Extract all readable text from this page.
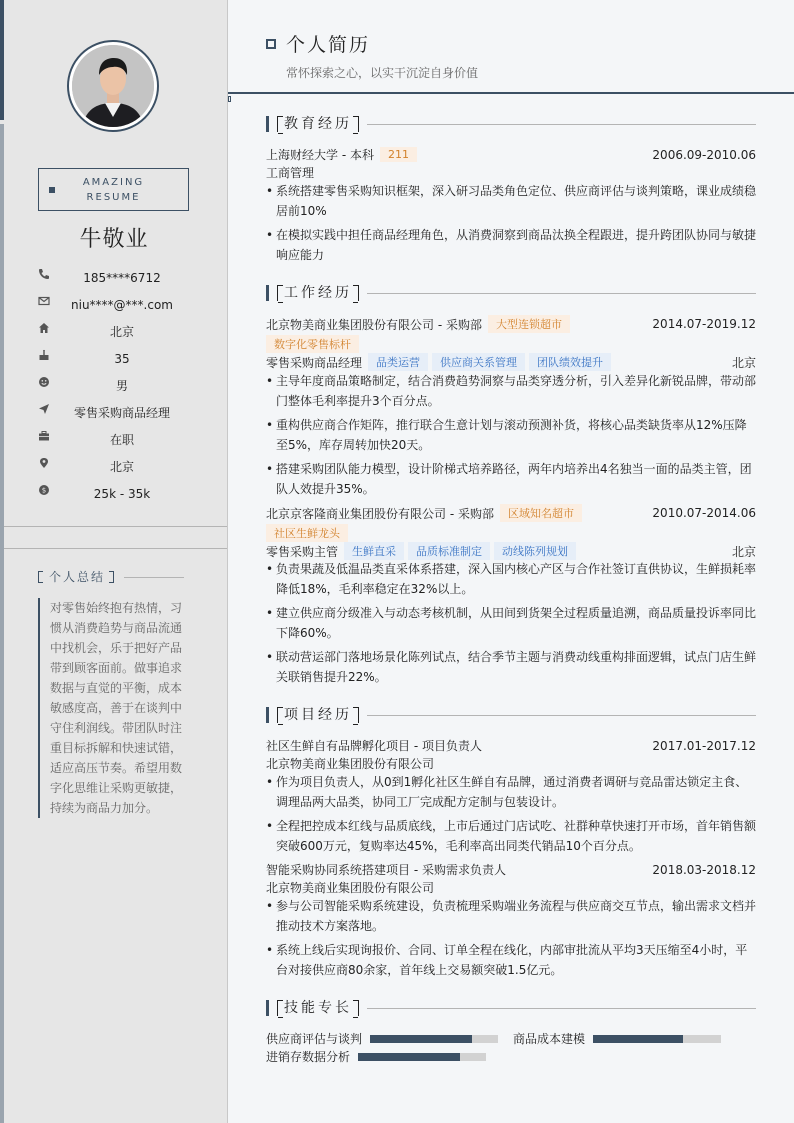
AMAZING
RESUME
牛敬业
185****6712
niu****@***.com
北京
35
男
零售采购商品经理
在职
北京
$	25k - 35k
个人总结
对零售始终抱有热情，习惯从消费趋势与商品流通中找机会，乐于把好产品带到顾客面前。做事追求数据与直觉的平衡，成本敏感度高，善于在谈判中守住利润线。带团队时注重目标拆解和快速试错，适应高压节奏。希望用数字化思维让采购更敏捷，持续为商品力加分。
个人简历
常怀探索之心，以实干沉淀自身价值
教育经历
上海财经大学 - 本科	211	2006.09-2010.06
工商管理
• 系统搭建零售采购知识框架，深入研习品类角色定位、供应商评估与谈判策略，课业成绩稳居前10%
• 在模拟实践中担任商品经理角色，从消费洞察到商品汰换全程跟进，提升跨团队协同与敏捷响应能力
工作经历
北京物美商业集团股份有限公司 - 采购部	大型连锁超市	2014.07-2019.12
数字化零售标杆
零售采购商品经理	品类运营	供应商关系管理	团队绩效提升	北京
• 主导年度商品策略制定，结合消费趋势洞察与品类穿透分析，引入差异化新锐品牌，带动部门整体毛利率提升3个百分点。
• 重构供应商合作矩阵，推行联合生意计划与滚动预测补货，将核心品类缺货率从12%压降至5%，库存周转加快20天。
• 搭建采购团队能力模型，设计阶梯式培养路径，两年内培养出4名独当一面的品类主管，团队人效提升35%。
北京京客隆商业集团股份有限公司 - 采购部	区域知名超市	2010.07-2014.06
社区生鲜龙头
零售采购主管	生鲜直采	品质标准制定	动线陈列规划	北京
• 负责果蔬及低温品类直采体系搭建，深入国内核心产区与合作社签订直供协议，生鲜损耗率降低18%，毛利率稳定在32%以上。
• 建立供应商分级准入与动态考核机制，从田间到货架全过程质量追溯，商品质量投诉率同比下降60%。
• 联动营运部门落地场景化陈列试点，结合季节主题与消费动线重构排面逻辑，试点门店生鲜关联销售提升22%。
项目经历
社区生鲜自有品牌孵化项目 - 项目负责人	2017.01-2017.12
北京物美商业集团股份有限公司
• 作为项目负责人，从0到1孵化社区生鲜自有品牌，通过消费者调研与竞品雷达锁定主食、调理品两大品类，协同工厂完成配方定制与包装设计。
• 全程把控成本红线与品质底线，上市后通过门店试吃、社群种草快速打开市场，首年销售额突破600万元，复购率达45%，毛利率高出同类代销品10个百分点。
智能采购协同系统搭建项目 - 采购需求负责人	2018.03-2018.12
北京物美商业集团股份有限公司
• 参与公司智能采购系统建设，负责梳理采购端业务流程与供应商交互节点，输出需求文档并推动技术方案落地。
• 系统上线后实现询报价、合同、订单全程在线化，内部审批流从平均3天压缩至4小时，平台对接供应商80余家，首年线上交易额突破1.5亿元。
技能专长
供应商评估与谈判	商品成本建模
进销存数据分析
